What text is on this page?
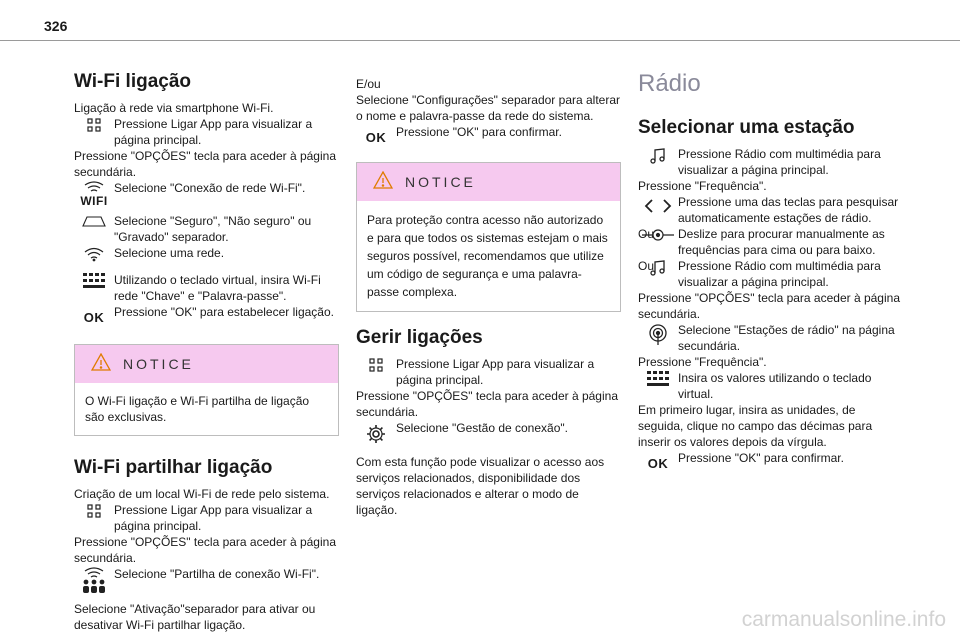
326
Wi-Fi ligação

Ligação à rede via smartphone Wi-Fi.

Pressione Ligar App para visualizar a página principal.

Pressione "OPÇÕES" tecla para aceder à página secundária.

WIFI

Selecione "Conexão de rede Wi-Fi".

Selecione "Seguro", "Não seguro" ou "Gravado" separador.

Selecione uma rede.

Utilizando o teclado virtual, insira Wi-Fi rede "Chave" e "Palavra-passe".

OK Pressione "OK" para estabelecer ligação.

NOTICE
O Wi-Fi ligação e Wi-Fi partilha de ligação são exclusivas.
Wi-Fi partilhar ligação

Criação de um local Wi-Fi de rede pelo sistema.

Pressione Ligar App para visualizar a página principal.

Pressione "OPÇÕES" tecla para aceder à página secundária.

Selecione "Partilha de conexão Wi-Fi".

Selecione "Ativação"separador para ativar ou desativar Wi-Fi partilhar ligação.

E/ou

Selecione "Configurações" separador para alterar o nome e palavra-passe da rede do sistema.

OK Pressione "OK" para confirmar.

NOTICE
Para proteção contra acesso não autorizado e para que todos os sistemas estejam o mais seguros possível, recomendamos que utilize um código de segurança e uma palavra-passe complexa.
Gerir ligações

Pressione Ligar App para visualizar a página principal.

Pressione "OPÇÕES" tecla para aceder à página secundária.

Selecione "Gestão de conexão".

Com esta função pode visualizar o acesso aos serviços relacionados, disponibilidade dos serviços relacionados e alterar o modo de ligação.

Rádio
Selecionar uma estação

Pressione Rádio com multimédia para visualizar a página principal.

Pressione "Frequência".

Pressione uma das teclas para pesquisar automaticamente estações de rádio.

Ou	Deslize para procurar manualmente as frequências para cima ou para baixo.

Ou	Pressione Rádio com multimédia para visualizar a página principal.

Pressione "OPÇÕES" tecla para aceder à página secundária.

Selecione "Estações de rádio" na página secundária.

Pressione "Frequência".

Insira os valores utilizando o teclado virtual.

Em primeiro lugar, insira as unidades, de seguida, clique no campo das décimas para inserir os valores depois da vírgula.

OK Pressione "OK" para confirmar.

carmanualsonline.info
